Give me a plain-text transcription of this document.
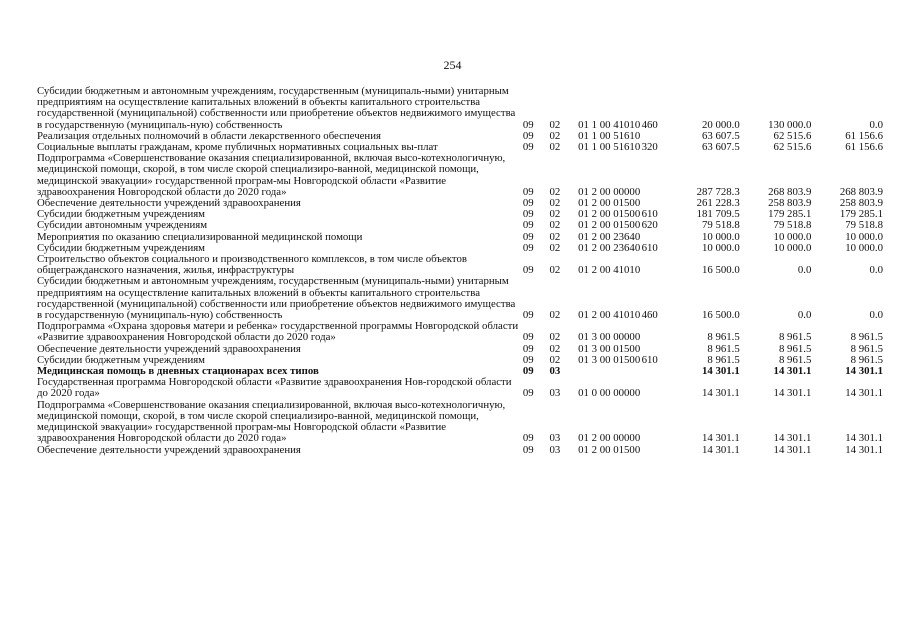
254
Субсидии бюджетным и автономным учреждениям, государственным (муниципаль-ными) унитарным предприятиям на осуществление капитальных вложений в объекты капитального строительства государственной (муниципальной) собственности или приобретение объектов недвижимого имущества в государственную (муниципаль-ную) собственность	09	02	01 1 00 41010	460	20 000.0	130 000.0	0.0
Реализация отдельных полномочий в области лекарственного обеспечения	09	02	01 1 00 51610		63 607.5	62 515.6	61 156.6
Социальные выплаты гражданам, кроме публичных нормативных социальных вы-плат	09	02	01 1 00 51610	320	63 607.5	62 515.6	61 156.6
Подпрограмма «Совершенствование оказания специализированной, включая высо-котехнологичную, медицинской помощи, скорой, в том числе скорой специализиро-ванной, медицинской помощи, медицинской эвакуации» государственной програм-мы Новгородской области «Развитие здравоохранения Новгородской области до 2020 года»	09	02	01 2 00 00000		287 728.3	268 803.9	268 803.9
Обеспечение деятельности учреждений здравоохранения	09	02	01 2 00 01500		261 228.3	258 803.9	258 803.9
Субсидии бюджетным учреждениям	09	02	01 2 00 01500	610	181 709.5	179 285.1	179 285.1
Субсидии автономным учреждениям	09	02	01 2 00 01500	620	79 518.8	79 518.8	79 518.8
Мероприятия по оказанию специализированной медицинской помощи	09	02	01 2 00 23640		10 000.0	10 000.0	10 000.0
Субсидии бюджетным учреждениям	09	02	01 2 00 23640	610	10 000.0	10 000.0	10 000.0
Строительство объектов социального и производственного комплексов, в том числе объектов общегражданского назначения, жилья, инфраструктуры	09	02	01 2 00 41010		16 500.0	0.0	0.0
Субсидии бюджетным и автономным учреждениям, государственным (муниципаль-ными) унитарным предприятиям на осуществление капитальных вложений в объекты капитального строительства государственной (муниципальной) собственности или приобретение объектов недвижимого имущества в государственную (муниципаль-ную) собственность	09	02	01 2 00 41010	460	16 500.0	0.0	0.0
Подпрограмма «Охрана здоровья матери и ребенка» государственной программы Новгородской области «Развитие здравоохранения Новгородской области до 2020 года»	09	02	01 3 00 00000		8 961.5	8 961.5	8 961.5
Обеспечение деятельности учреждений здравоохранения	09	02	01 3 00 01500		8 961.5	8 961.5	8 961.5
Субсидии бюджетным учреждениям	09	02	01 3 00 01500	610	8 961.5	8 961.5	8 961.5
Медицинская помощь в дневных стационарах всех типов	09	03			14 301.1	14 301.1	14 301.1
Государственная программа Новгородской области «Развитие здравоохранения Нов-городской области до 2020 года»	09	03	01 0 00 00000		14 301.1	14 301.1	14 301.1
Подпрограмма «Совершенствование оказания специализированной, включая высо-котехнологичную, медицинской помощи, скорой, в том числе скорой специализиро-ванной, медицинской помощи, медицинской эвакуации» государственной програм-мы Новгородской области «Развитие здравоохранения Новгородской области до 2020 года»	09	03	01 2 00 00000		14 301.1	14 301.1	14 301.1
Обеспечение деятельности учреждений здравоохранения	09	03	01 2 00 01500		14 301.1	14 301.1	14 301.1
